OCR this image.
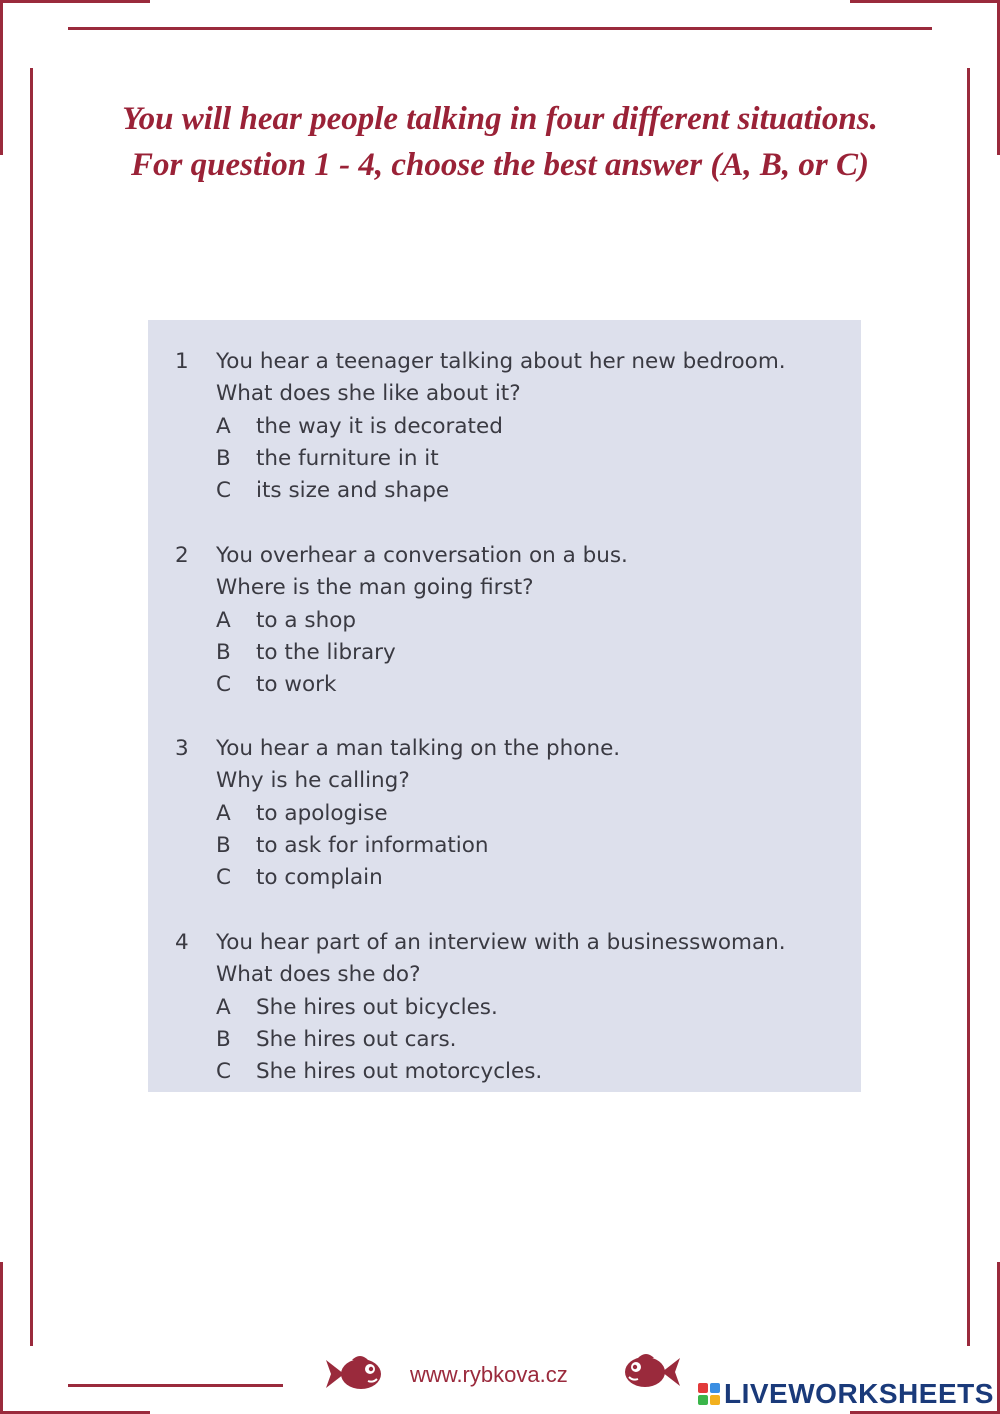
You will hear people talking in four different situations.
For question 1 - 4, choose the best answer (A, B, or C)
1 You hear a teenager talking about her new bedroom.
What does she like about it?
A the way it is decorated
B the furniture in it
C its size and shape
2 You overhear a conversation on a bus.
Where is the man going first?
A to a shop
B to the library
C to work
3 You hear a man talking on the phone.
Why is he calling?
A to apologise
B to ask for information
C to complain
4 You hear part of an interview with a businesswoman.
What does she do?
A She hires out bicycles.
B She hires out cars.
C She hires out motorcycles.
www.rybkova.cz
LIVEWORKSHEETS
